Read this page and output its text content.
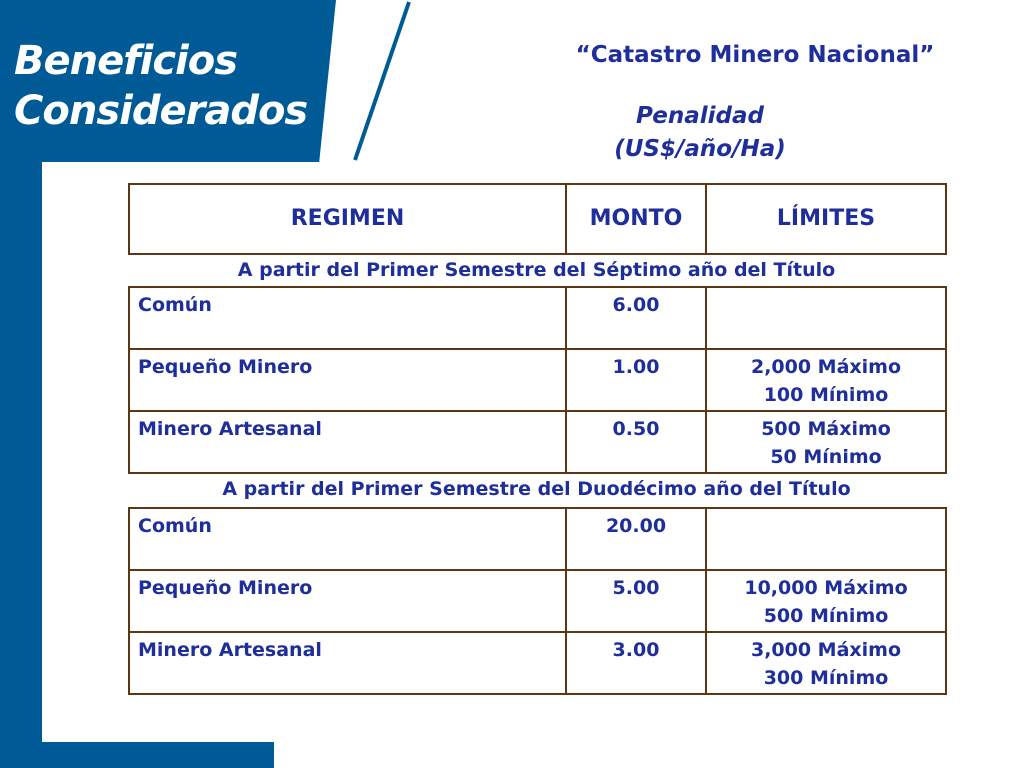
Beneficios
Considerados
“Catastro Minero Nacional”
Penalidad
(US$/año/Ha)
REGIMEN	MONTO	LÍMITES
A partir del Primer Semestre del Séptimo año del Título
Común	6.00	

Pequeño Minero	1.00	2,000 Máximo
100 Mínimo

Minero Artesanal	0.50	500 Máximo
50 Mínimo
A partir del Primer Semestre del Duodécimo año del Título
Común	20.00	

Pequeño Minero	5.00	10,000 Máximo
500 Mínimo

Minero Artesanal	3.00	3,000 Máximo
300 Mínimo
